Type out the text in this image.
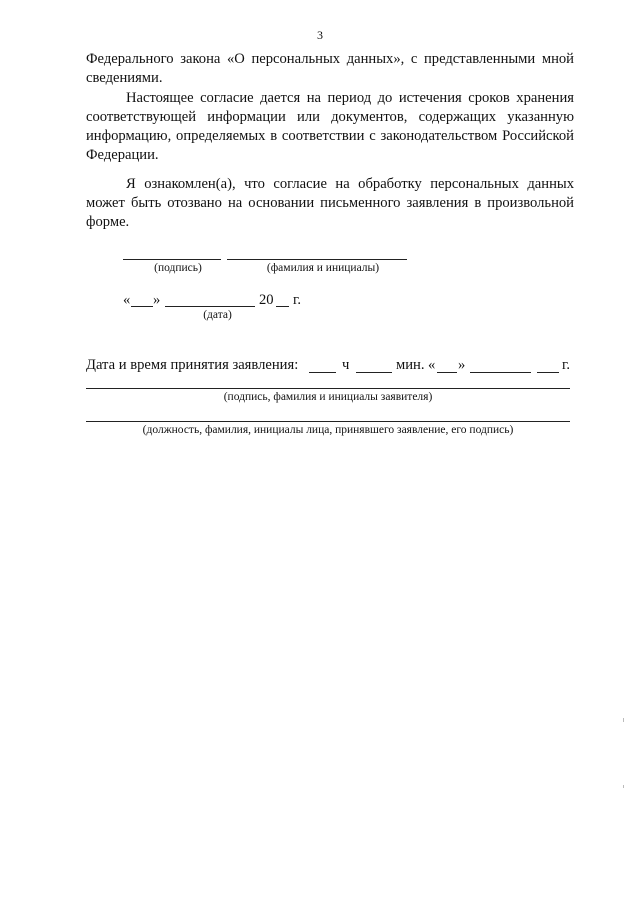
3
Федерального закона «О персональных данных», с представленными мной
сведениями.
Настоящее согласие дается на период до истечения сроков хранения соответствующей информации или документов, содержащих указанную информацию, определяемых в соответствии с законодательством Российской Федерации.
Я ознакомлен(а), что согласие на обработку персональных данных может быть отозвано на основании письменного заявления в произвольной форме.
(подпись)	(фамилия и инициалы)
« »	20 г.
(дата)
Дата и время принятия заявления:	ч	мин. « »	г.
(подпись, фамилия и инициалы заявителя)
(должность, фамилия, инициалы лица, принявшего заявление, его подпись)
